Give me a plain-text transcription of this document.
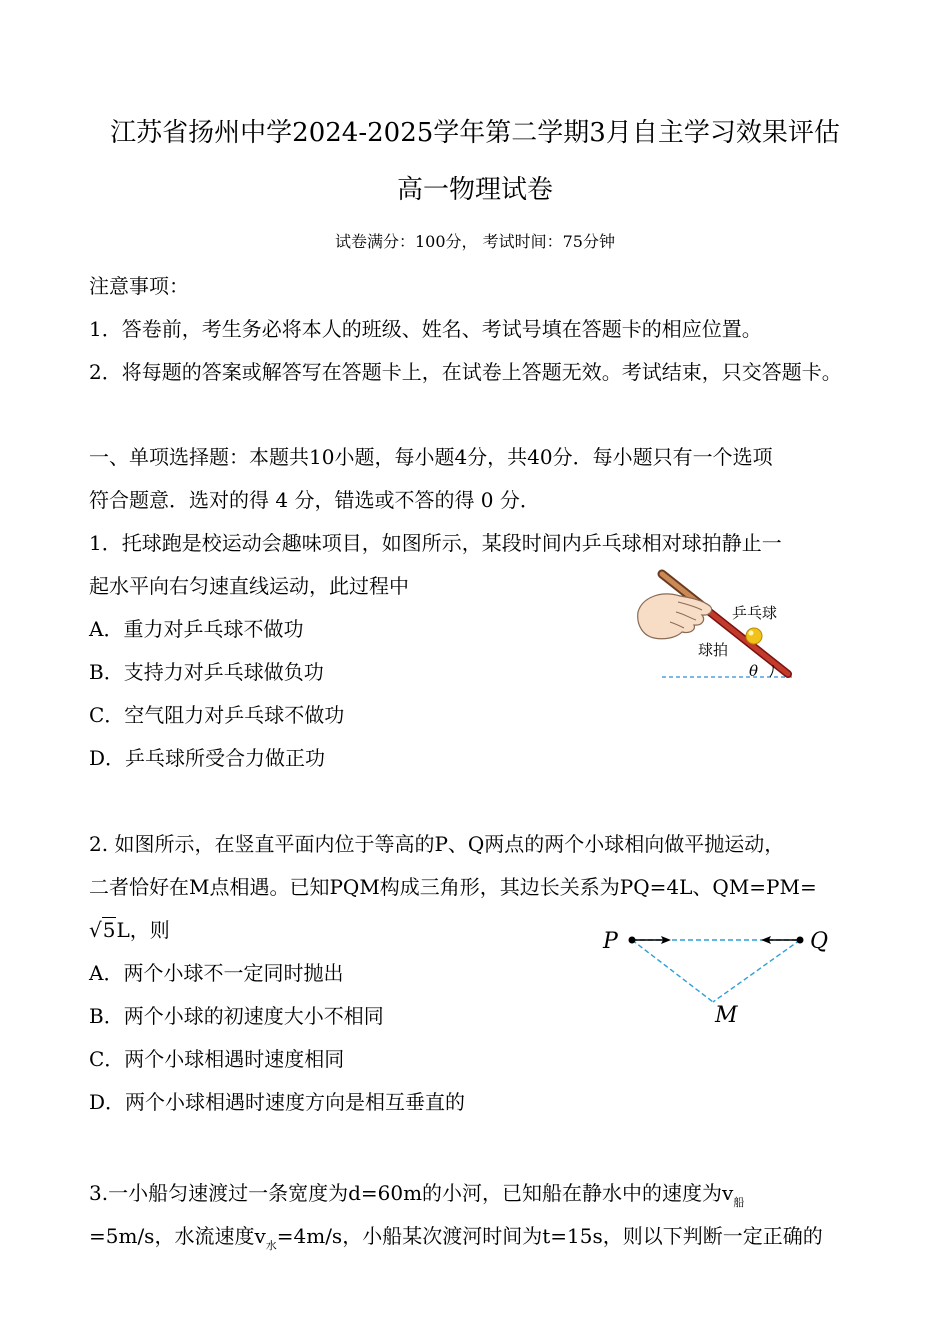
江苏省扬州中学2024-2025学年第二学期3月自主学习效果评估
高一物理试卷
试卷满分：100分， 考试时间：75分钟
注意事项：
1．答卷前，考生务必将本人的班级、姓名、考试号填在答题卡的相应位置。
2．将每题的答案或解答写在答题卡上，在试卷上答题无效。考试结束，只交答题卡。
一、单项选择题：本题共10小题，每小题4分，共40分．每小题只有一个选项
符合题意．选对的得 4 分，错选或不答的得 0 分．
1．托球跑是校运动会趣味项目，如图所示，某段时间内乒乓球相对球拍静止一
起水平向右匀速直线运动，此过程中
A．重力对乒乓球不做功
B．支持力对乒乓球做负功
C．空气阻力对乒乓球不做功
D．乒乓球所受合力做正功
乒乓球
球拍
θ
2. 如图所示，在竖直平面内位于等高的P、Q两点的两个小球相向做平抛运动，
二者恰好在M点相遇。已知PQM构成三角形，其边长关系为PQ=4L、QM=PM=
√5L，则
A．两个小球不一定同时抛出
B．两个小球的初速度大小不相同
C．两个小球相遇时速度相同
D．两个小球相遇时速度方向是相互垂直的
P	Q
M
3.一小船匀速渡过一条宽度为d=60m的小河，已知船在静水中的速度为$v_船$
=5m/s，水流速度$v_水=4m/s$，小船某次渡河时间为t=15s，则以下判断一定正确的
